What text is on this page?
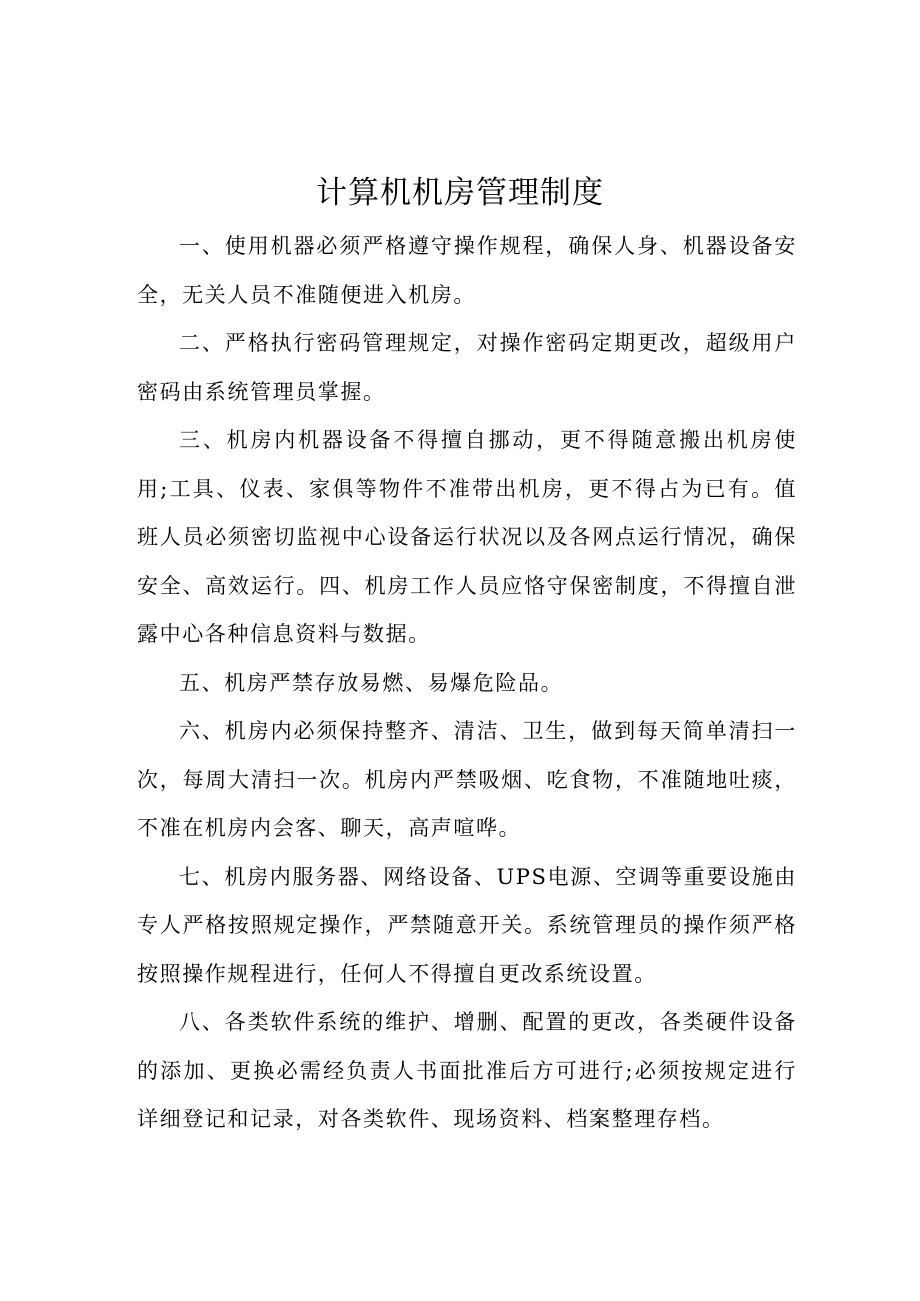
计算机机房管理制度

一、使用机器必须严格遵守操作规程，确保人身、机器设备安全，无关人员不准随便进入机房。

二、严格执行密码管理规定，对操作密码定期更改，超级用户密码由系统管理员掌握。

三、机房内机器设备不得擅自挪动，更不得随意搬出机房使用;工具、仪表、家俱等物件不准带出机房，更不得占为已有。值班人员必须密切监视中心设备运行状况以及各网点运行情况，确保安全、高效运行。四、机房工作人员应恪守保密制度，不得擅自泄露中心各种信息资料与数据。

五、机房严禁存放易燃、易爆危险品。

六、机房内必须保持整齐、清洁、卫生，做到每天简单清扫一次，每周大清扫一次。机房内严禁吸烟、吃食物，不准随地吐痰，不准在机房内会客、聊天，高声喧哗。

七、机房内服务器、网络设备、UPS电源、空调等重要设施由专人严格按照规定操作，严禁随意开关。系统管理员的操作须严格按照操作规程进行，任何人不得擅自更改系统设置。

八、各类软件系统的维护、增删、配置的更改，各类硬件设备的添加、更换必需经负责人书面批准后方可进行;必须按规定进行详细登记和记录，对各类软件、现场资料、档案整理存档。
